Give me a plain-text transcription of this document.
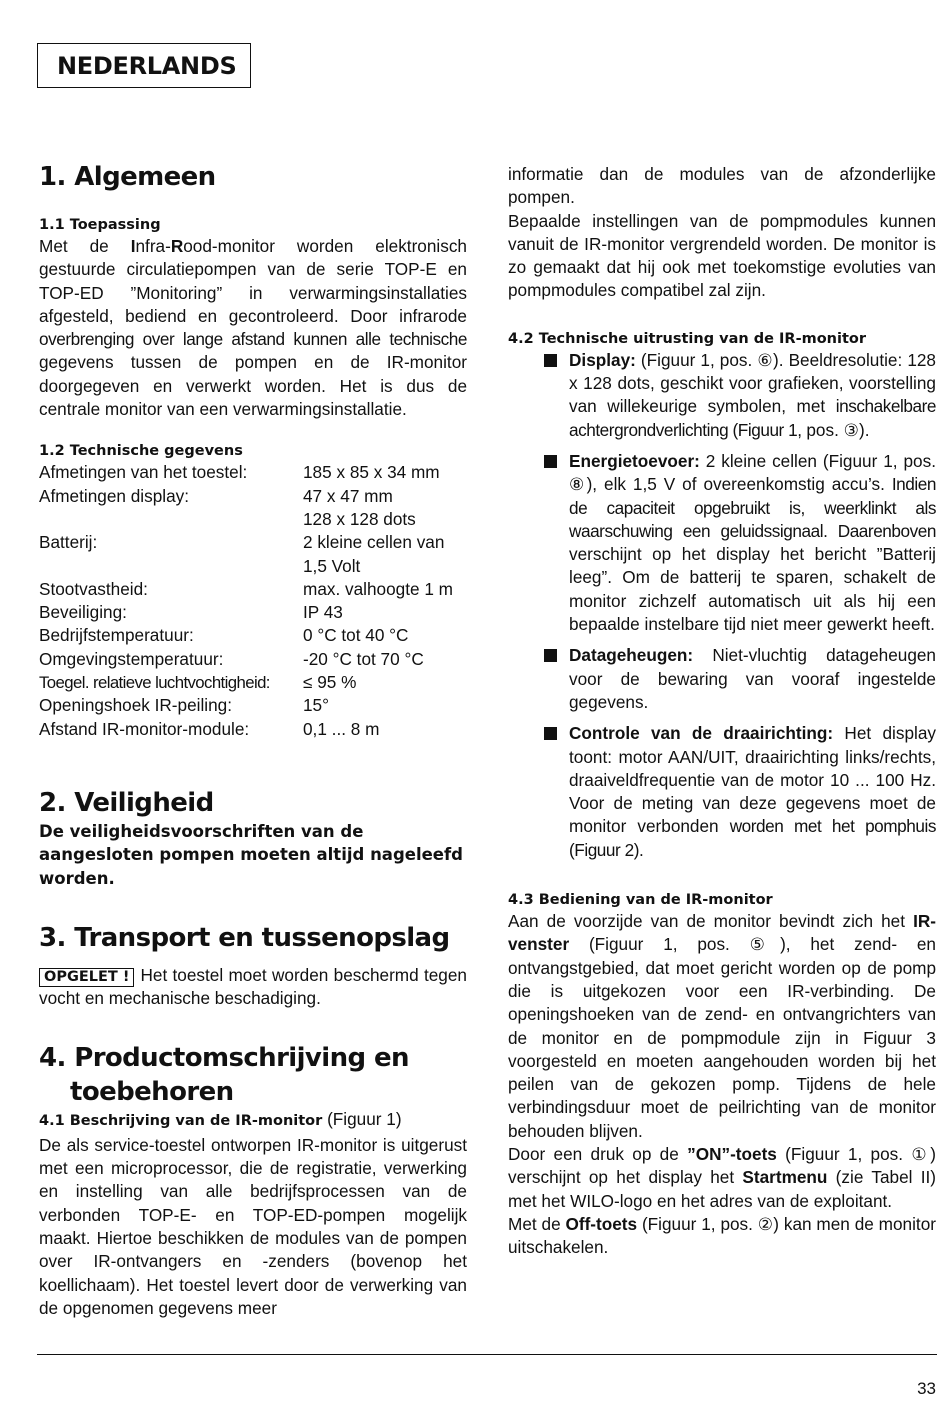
NEDERLANDS
1. Algemeen
1.1 Toepassing

Met de Infra-Rood-monitor worden elektronisch gestuurde circulatiepompen van de serie TOP-E en TOP-ED ”Monitoring” in verwarmingsinstallaties afgesteld, bediend en gecontroleerd. Door infrarode overbrenging over lange afstand kunnen alle technische gegevens tussen de pompen en de IR-monitor doorgegeven en verwerkt worden. Het is dus de centrale monitor van een verwarmingsinstallatie.

1.2 Technische gegevens
Afmetingen van het toestel:	185 x 85 x 34 mm
Afmetingen display:	47 x 47 mm
128 x 128 dots
Batterij:	2 kleine cellen van
1,5 Volt
Stootvastheid:	max. valhoogte 1 m
Beveiliging:	IP 43
Bedrijfstemperatuur:	0 °C tot 40 °C
Omgevingstemperatuur:	-20 °C tot 70 °C
Toegel. relatieve luchtvochtigheid:	≤ 95 %
Openingshoek IR-peiling:	15°
Afstand IR-monitor-module:	0,1 ... 8 m
2. Veiligheid

De veiligheidsvoorschriften van de aangesloten pompen moeten altijd nageleefd worden.

3. Transport en tussenopslag

OPGELET ! Het toestel moet worden beschermd tegen vocht en mechanische beschadiging.

4. Productomschrijving en
toebehoren

4.1 Beschrijving van de IR-monitor (Figuur 1)

De als service-toestel ontworpen IR-monitor is uitgerust met een microprocessor, die de registratie, verwerking en instelling van alle bedrijfsprocessen van de verbonden TOP-E- en TOP-ED-pompen mogelijk maakt. Hiertoe beschikken de modules van de pompen over IR-ontvangers en -zenders (bovenop het koellichaam). Het toestel levert door de verwerking van de opgenomen gegevens meer

informatie dan de modules van de afzonderlijke pompen.

Bepaalde instellingen van de pompmodules kunnen vanuit de IR-monitor vergrendeld worden. De monitor is zo gemaakt dat hij ook met toekomstige evoluties van pompmodules compatibel zal zijn.

4.2 Technische uitrusting van de IR-monitor

Display: (Figuur 1, pos. ⑥). Beeldresolutie: 128 x 128 dots, geschikt voor grafieken, voorstelling van willekeurige symbolen, met inschakelbare achtergrondverlichting (Figuur 1, pos. ③).

Energietoevoer: 2 kleine cellen (Figuur 1, pos. ⑧), elk 1,5 V of overeenkomstig accu’s. Indien de capaciteit opgebruikt is, weerklinkt als waarschuwing een geluidssignaal. Daarenboven verschijnt op het display het bericht ”Batterij leeg”. Om de batterij te sparen, schakelt de monitor zichzelf automatisch uit als hij een bepaalde instelbare tijd niet meer gewerkt heeft.

Datageheugen: Niet-vluchtig datageheugen voor de bewaring van vooraf ingestelde gegevens.

Controle van de draairichting: Het display toont: motor AAN/UIT, draairichting links/rechts, draaiveldfrequentie van de motor 10 ... 100 Hz. Voor de meting van deze gegevens moet de monitor verbonden worden met het pomphuis (Figuur 2).

4.3 Bediening van de IR-monitor

Aan de voorzijde van de monitor bevindt zich het IR-venster (Figuur 1, pos. ⑤), het zend- en ontvangstgebied, dat moet gericht worden op de pomp die is uitgekozen voor een IR-verbinding. De openingshoeken van de zend- en ontvangrichters van de monitor en de pompmodule zijn in Figuur 3 voorgesteld en moeten aangehouden worden bij het peilen van de gekozen pomp. Tijdens de hele verbindingsduur moet de peilrichting van de monitor behouden blijven.

Door een druk op de ”ON”-toets (Figuur 1, pos. ①) verschijnt op het display het Startmenu (zie Tabel II) met het WILO-logo en het adres van de exploitant.

Met de Off-toets (Figuur 1, pos. ②) kan men de monitor uitschakelen.

33
